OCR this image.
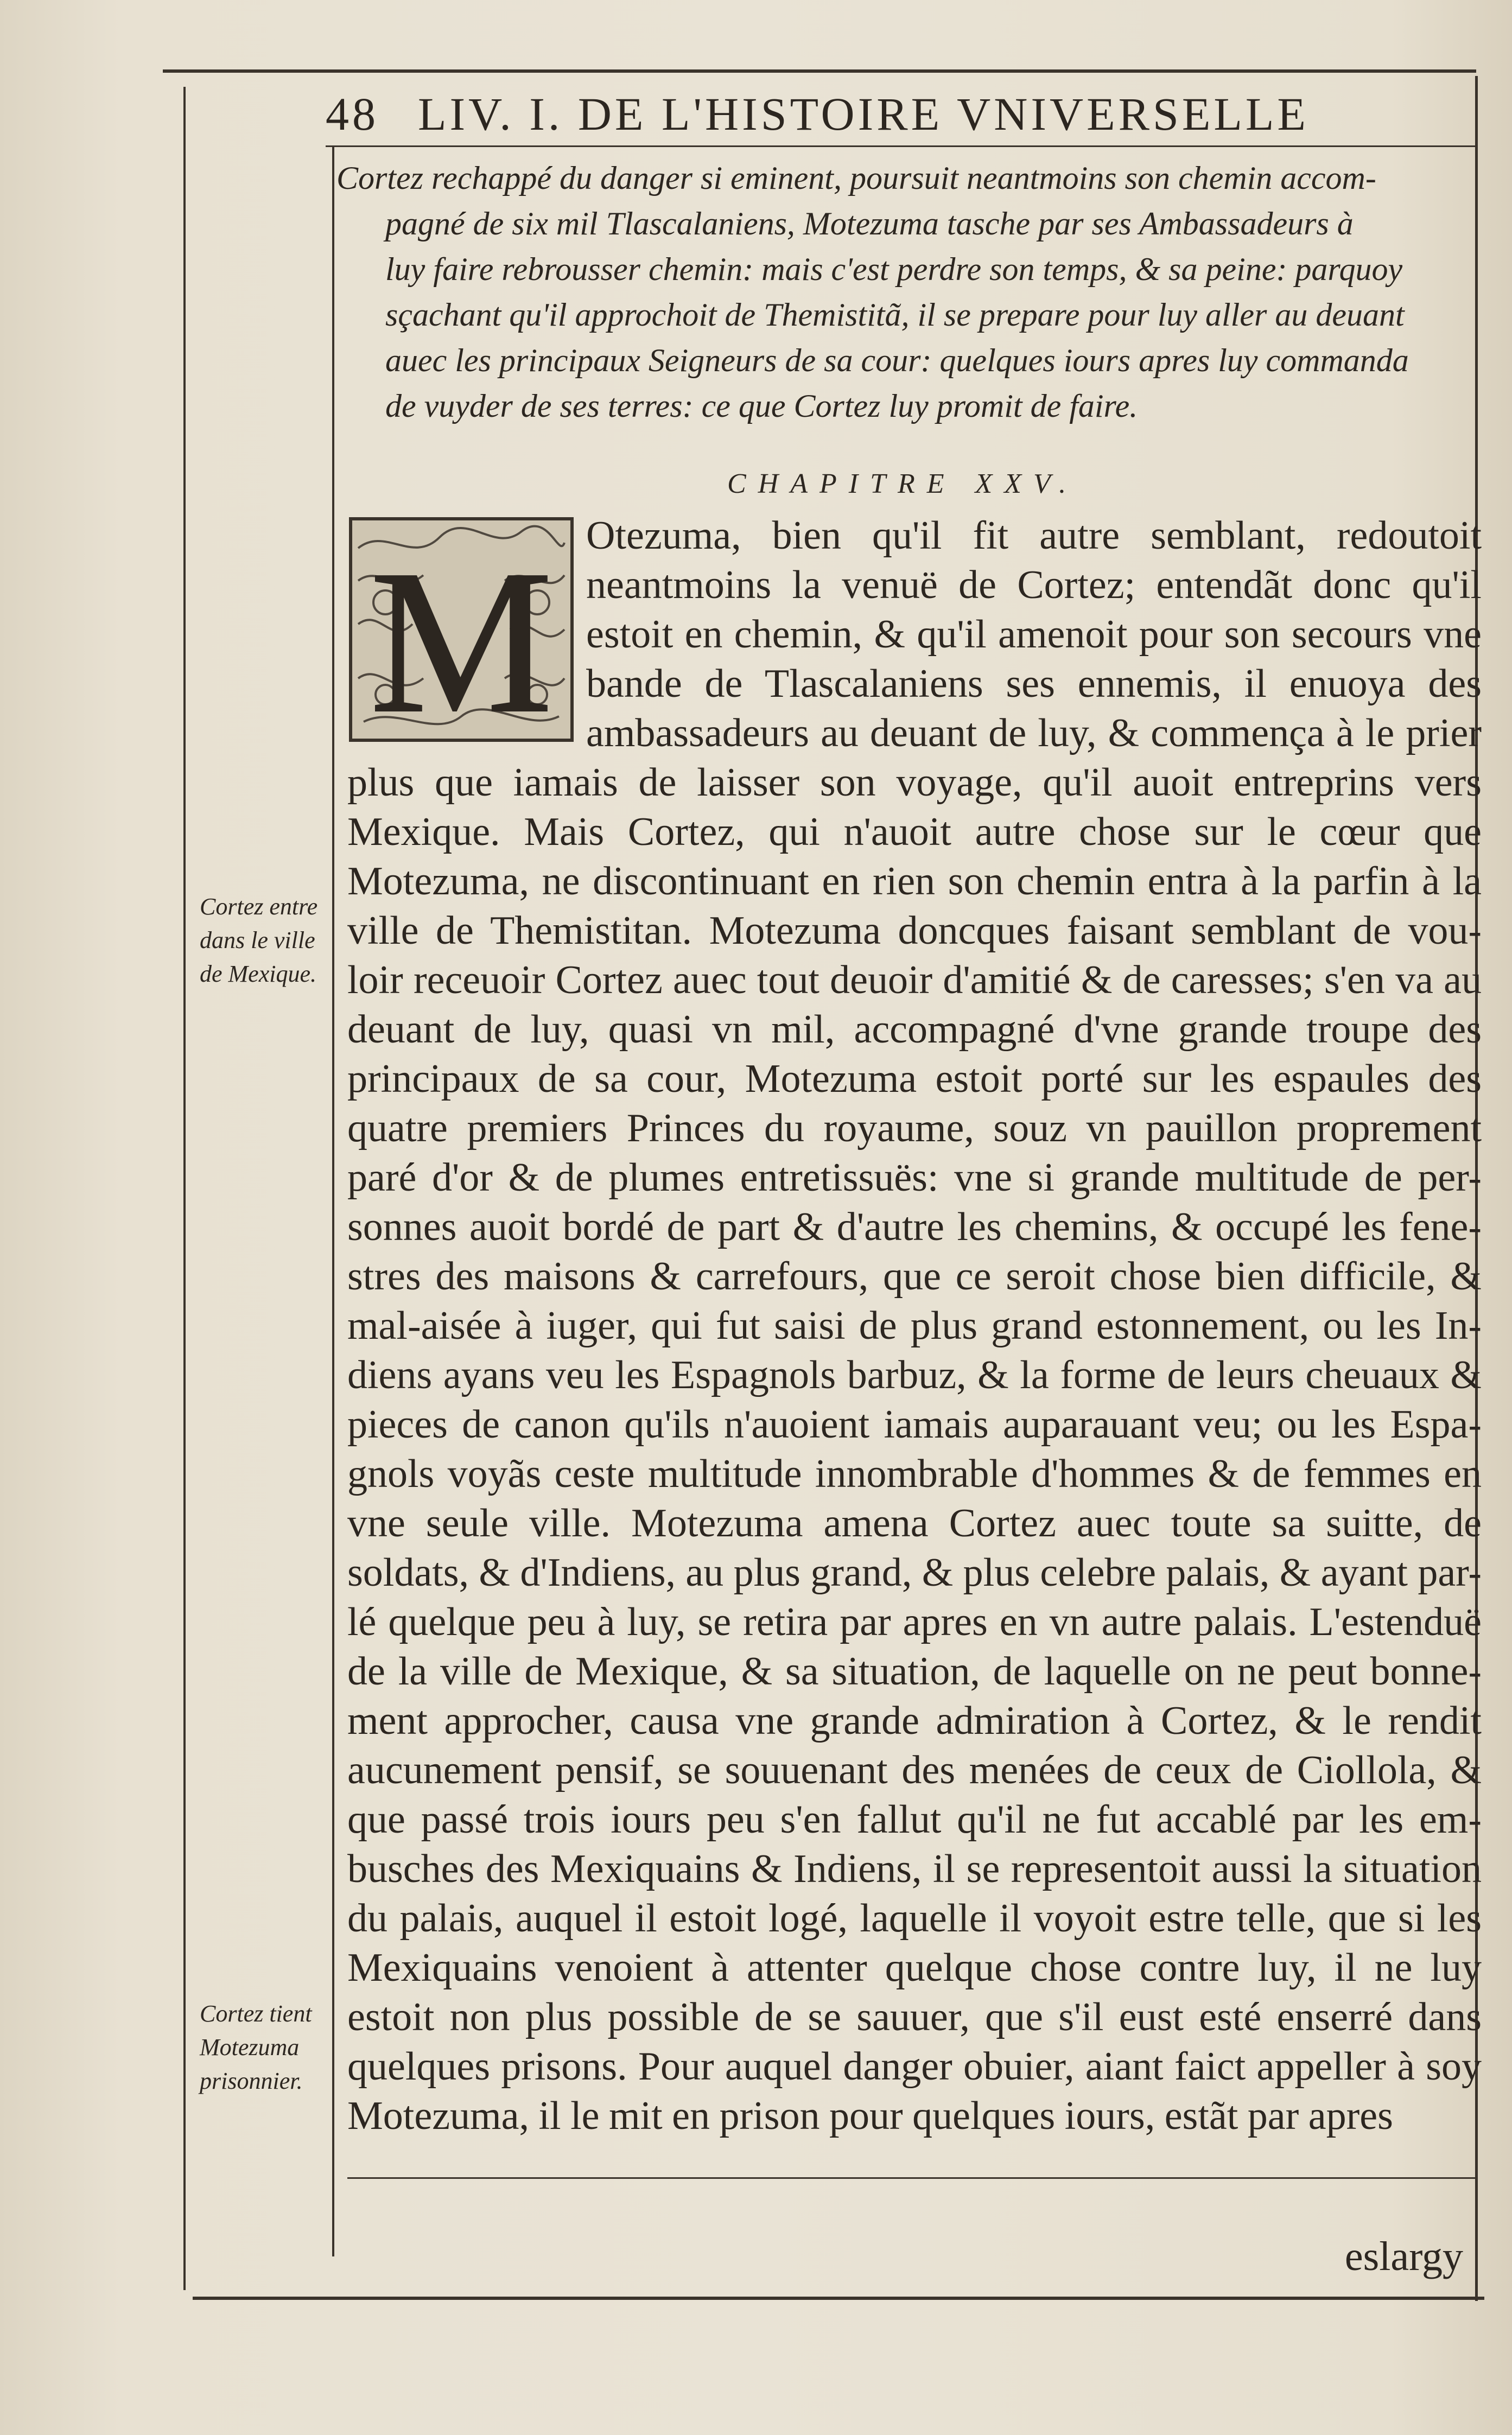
48 LIV. I. DE L'HISTOIRE VNIVERSELLE

Cortez rechappé du danger si eminent, poursuit neantmoins son chemin accom-

pagné de six mil Tlascalaniens, Motezuma tasche par ses Ambassadeurs à

luy faire rebrousser chemin: mais c'est perdre son temps, & sa peine: parquoy

sçachant qu'il approchoit de Themistitã, il se prepare pour luy aller au deuant

auec les principaux Seigneurs de sa cour: quelques iours apres luy commanda

de vuyder de ses terres: ce que Cortez luy promit de faire.

CHAPITRE XXV.
M Otezuma, bien qu'il fit autre semblant, redoutoit neantmoins la venuë de Cortez; entendãt donc qu'il estoit en chemin, & qu'il amenoit pour son secours vne bande de Tlascalaniens ses ennemis, il enuoya des ambassadeurs au deuant de luy, & commença à le prier plus que iamais de laisser son voyage, qu'il auoit entreprins vers Mexique. Mais Cortez, qui n'auoit autre chose sur le cœur que Motezuma, ne discontinuant en rien son chemin entra à la parfin à la ville de Themistitan. Motezuma doncques faisant semblant de vou- loir receuoir Cortez auec tout deuoir d'amitié & de caresses; s'en va au deuant de luy, quasi vn mil, accompagné d'vne grande troupe des principaux de sa cour, Motezuma estoit porté sur les espaules des quatre premiers Princes du royaume, souz vn pauillon proprement paré d'or & de plumes entretissuës: vne si grande multitude de per- sonnes auoit bordé de part & d'autre les chemins, & occupé les fene- stres des maisons & carrefours, que ce seroit chose bien difficile, & mal-aisée à iuger, qui fut saisi de plus grand estonnement, ou les In- diens ayans veu les Espagnols barbuz, & la forme de leurs cheuaux & pieces de canon qu'ils n'auoient iamais auparauant veu; ou les Espa- gnols voyãs ceste multitude innombrable d'hommes & de femmes en vne seule ville. Motezuma amena Cortez auec toute sa suitte, de soldats, & d'Indiens, au plus grand, & plus celebre palais, & ayant par- lé quelque peu à luy, se retira par apres en vn autre palais. L'estenduë de la ville de Mexique, & sa situation, de laquelle on ne peut bonne- ment approcher, causa vne grande admiration à Cortez, & le rendit aucunement pensif, se souuenant des menées de ceux de Ciollola, & que passé trois iours peu s'en fallut qu'il ne fut accablé par les em- busches des Mexiquains & Indiens, il se representoit aussi la situation du palais, auquel il estoit logé, laquelle il voyoit estre telle, que si les Mexiquains venoient à attenter quelque chose contre luy, il ne luy estoit non plus possible de se sauuer, que s'il eust esté enserré dans quelques prisons. Pour auquel danger obuier, aiant faict appeller à soy Motezuma, il le mit en prison pour quelques iours, estãt par apres
Cortez entre dans le ville de Mexique.
Cortez tient Motezuma prisonnier.
eslargy
